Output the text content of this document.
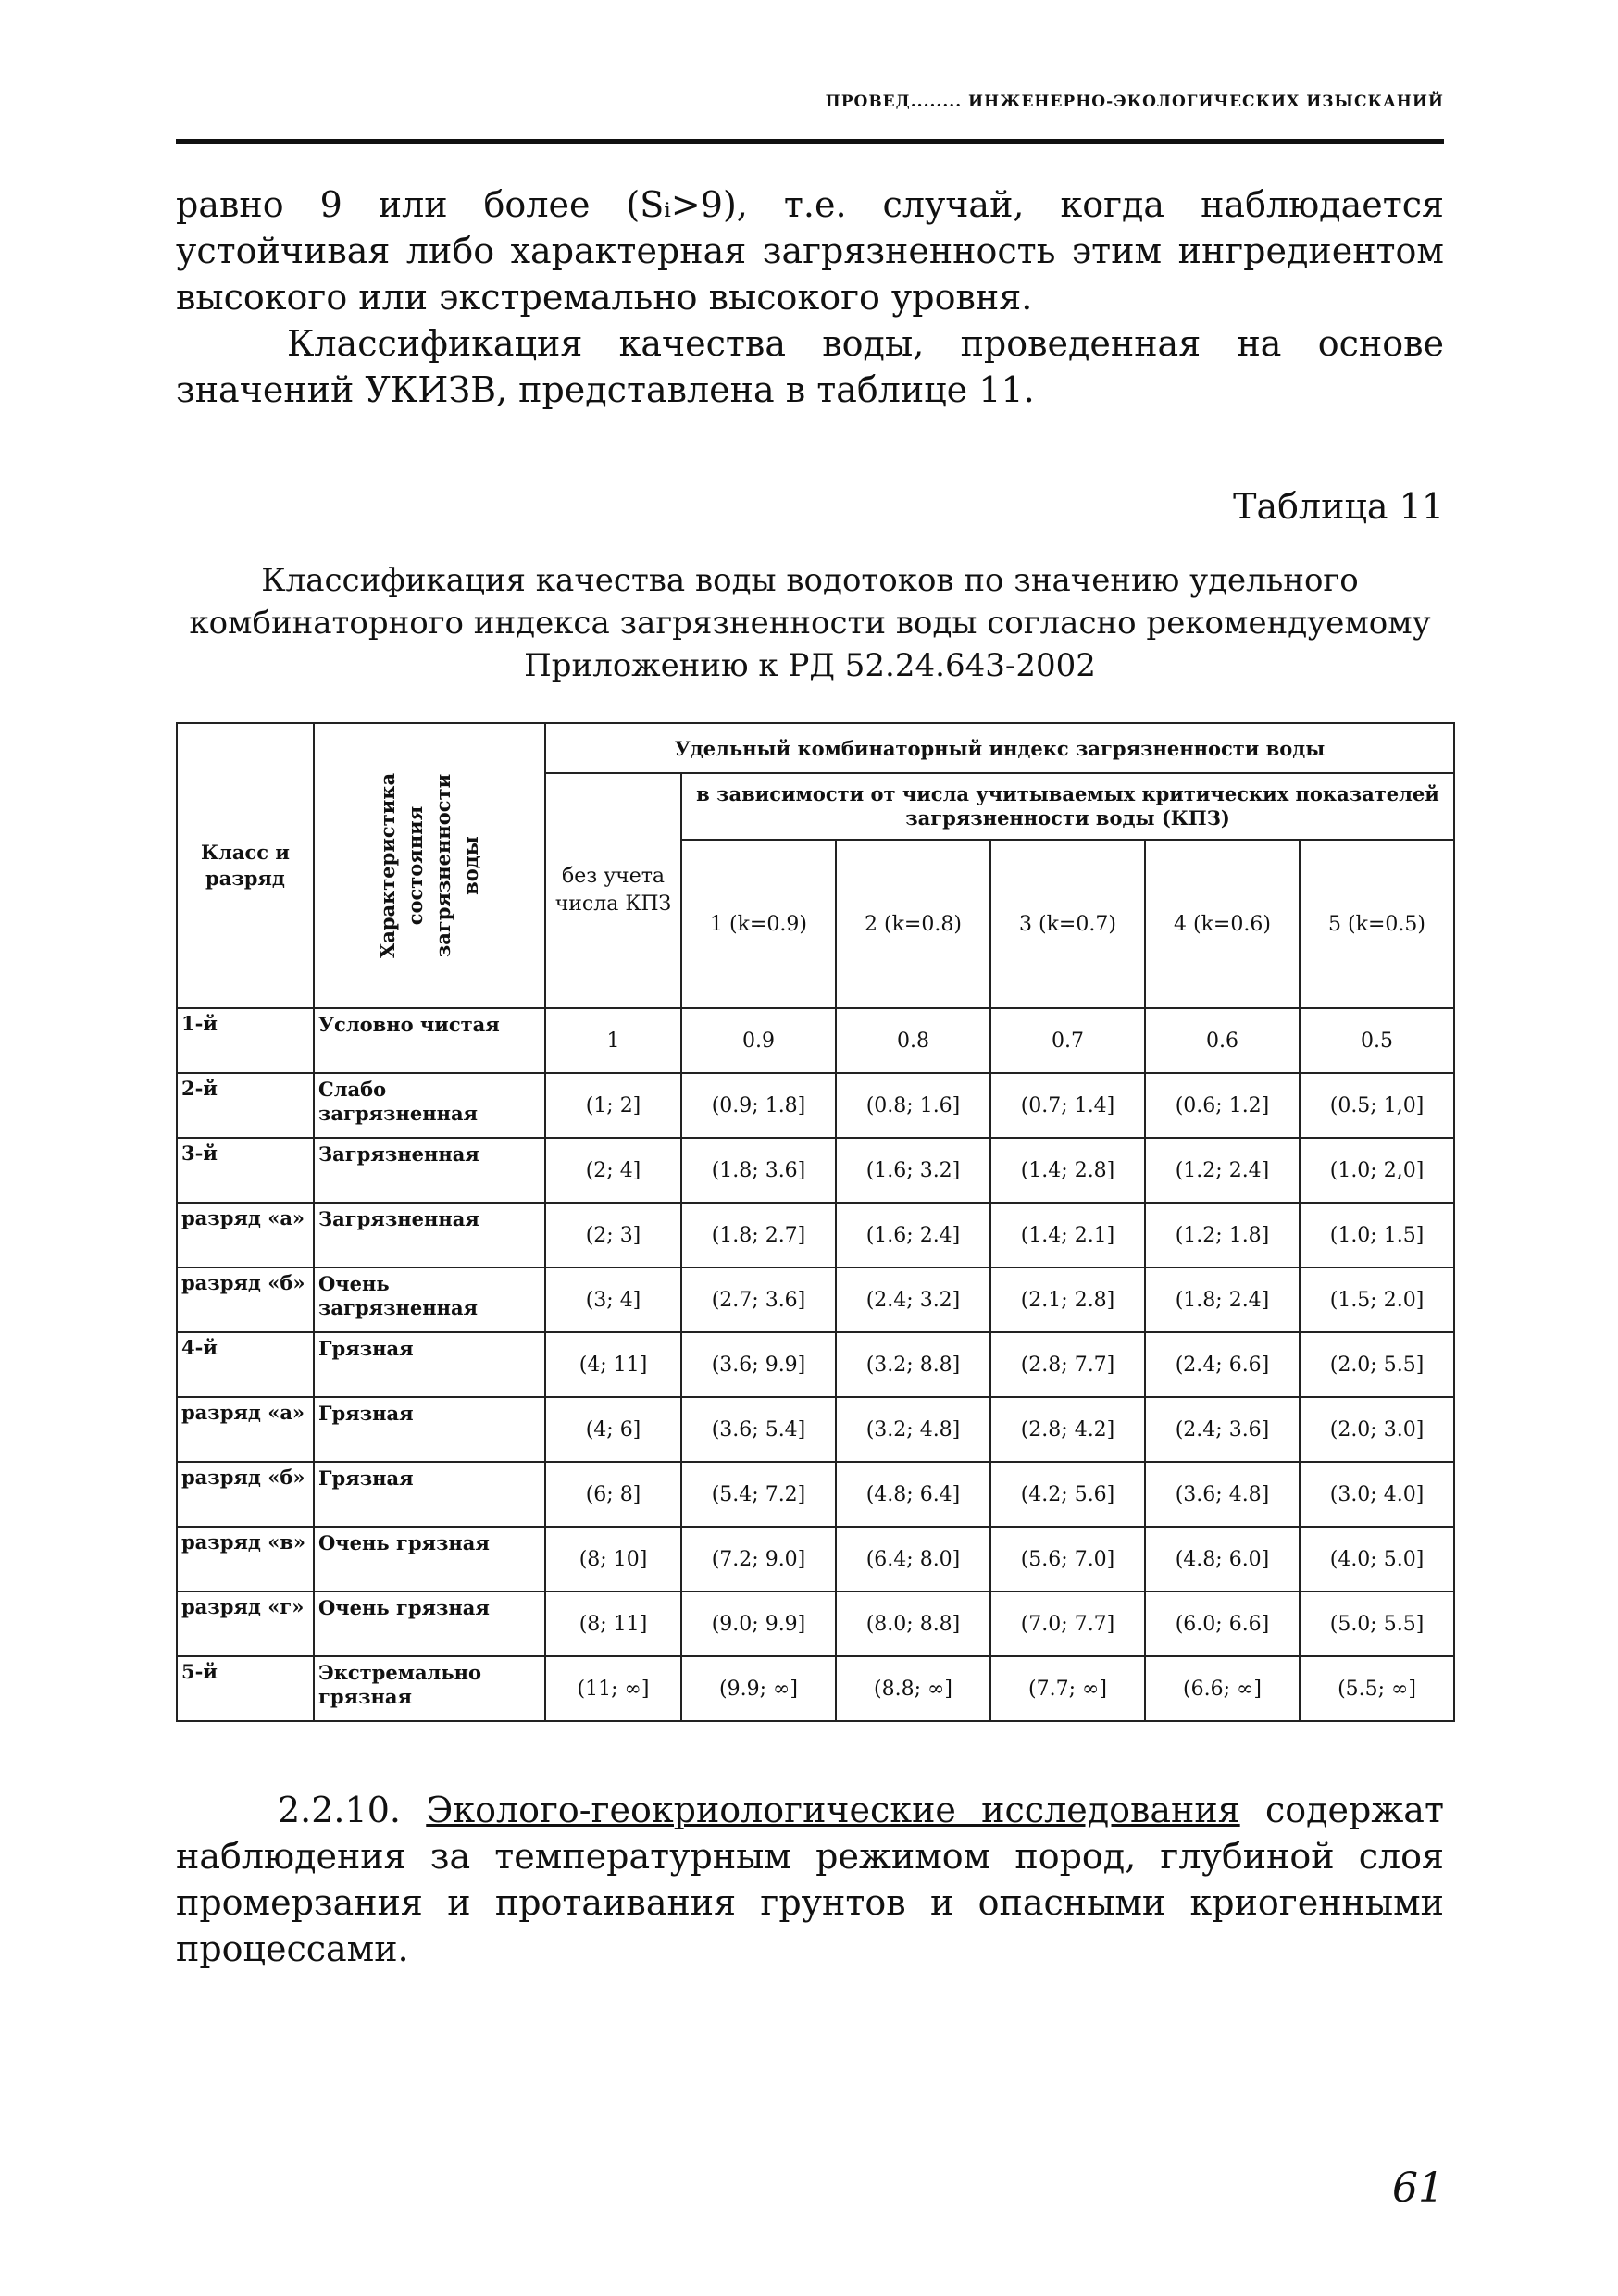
ПРОВЕД........ ИНЖЕНЕРНО-ЭКОЛОГИЧЕСКИХ ИЗЫСКАНИЙ

равно 9 или более (Sᵢ>9), т.е. случай, когда наблюдается устойчивая либо характерная загрязненность этим ингредиентом высокого или экстремально высокого уровня.

Классификация качества воды, проведенная на основе значений УКИЗВ, представлена в таблице 11.

Таблица 11
Классификация качества воды водотоков по значению удельного комбинаторного индекса загрязненности воды согласно рекомендуемому Приложению к РД 52.24.643-2002
Класс и разряд	Характеристика состояния загрязненности воды	Удельный комбинаторный индекс загрязненности воды					
		без учета числа КПЗ	в зависимости от числа учитываемых критических показателей загрязненности воды (КПЗ)				
			1 (k=0.9)	2 (k=0.8)	3 (k=0.7)	4 (k=0.6)	5 (k=0.5)
1-й	Условно чистая	1	0.9	0.8	0.7	0.6	0.5
2-й	Слабо загрязненная	(1; 2]	(0.9; 1.8]	(0.8; 1.6]	(0.7; 1.4]	(0.6; 1.2]	(0.5; 1,0]
3-й	Загрязненная	(2; 4]	(1.8; 3.6]	(1.6; 3.2]	(1.4; 2.8]	(1.2; 2.4]	(1.0; 2,0]
разряд «а»	Загрязненная	(2; 3]	(1.8; 2.7]	(1.6; 2.4]	(1.4; 2.1]	(1.2; 1.8]	(1.0; 1.5]
разряд «б»	Очень загрязненная	(3; 4]	(2.7; 3.6]	(2.4; 3.2]	(2.1; 2.8]	(1.8; 2.4]	(1.5; 2.0]
4-й	Грязная	(4; 11]	(3.6; 9.9]	(3.2; 8.8]	(2.8; 7.7]	(2.4; 6.6]	(2.0; 5.5]
разряд «а»	Грязная	(4; 6]	(3.6; 5.4]	(3.2; 4.8]	(2.8; 4.2]	(2.4; 3.6]	(2.0; 3.0]
разряд «б»	Грязная	(6; 8]	(5.4; 7.2]	(4.8; 6.4]	(4.2; 5.6]	(3.6; 4.8]	(3.0; 4.0]
разряд «в»	Очень грязная	(8; 10]	(7.2; 9.0]	(6.4; 8.0]	(5.6; 7.0]	(4.8; 6.0]	(4.0; 5.0]
разряд «г»	Очень грязная	(8; 11]	(9.0; 9.9]	(8.0; 8.8]	(7.0; 7.7]	(6.0; 6.6]	(5.0; 5.5]
5-й	Экстремально грязная	(11; ∞]	(9.9; ∞]	(8.8; ∞]	(7.7; ∞]	(6.6; ∞]	(5.5; ∞]

2.2.10. Эколого-геокриологические исследования содержат наблюдения за температурным режимом пород, глубиной слоя промерзания и протаивания грунтов и опасными криогенными процессами.

61
